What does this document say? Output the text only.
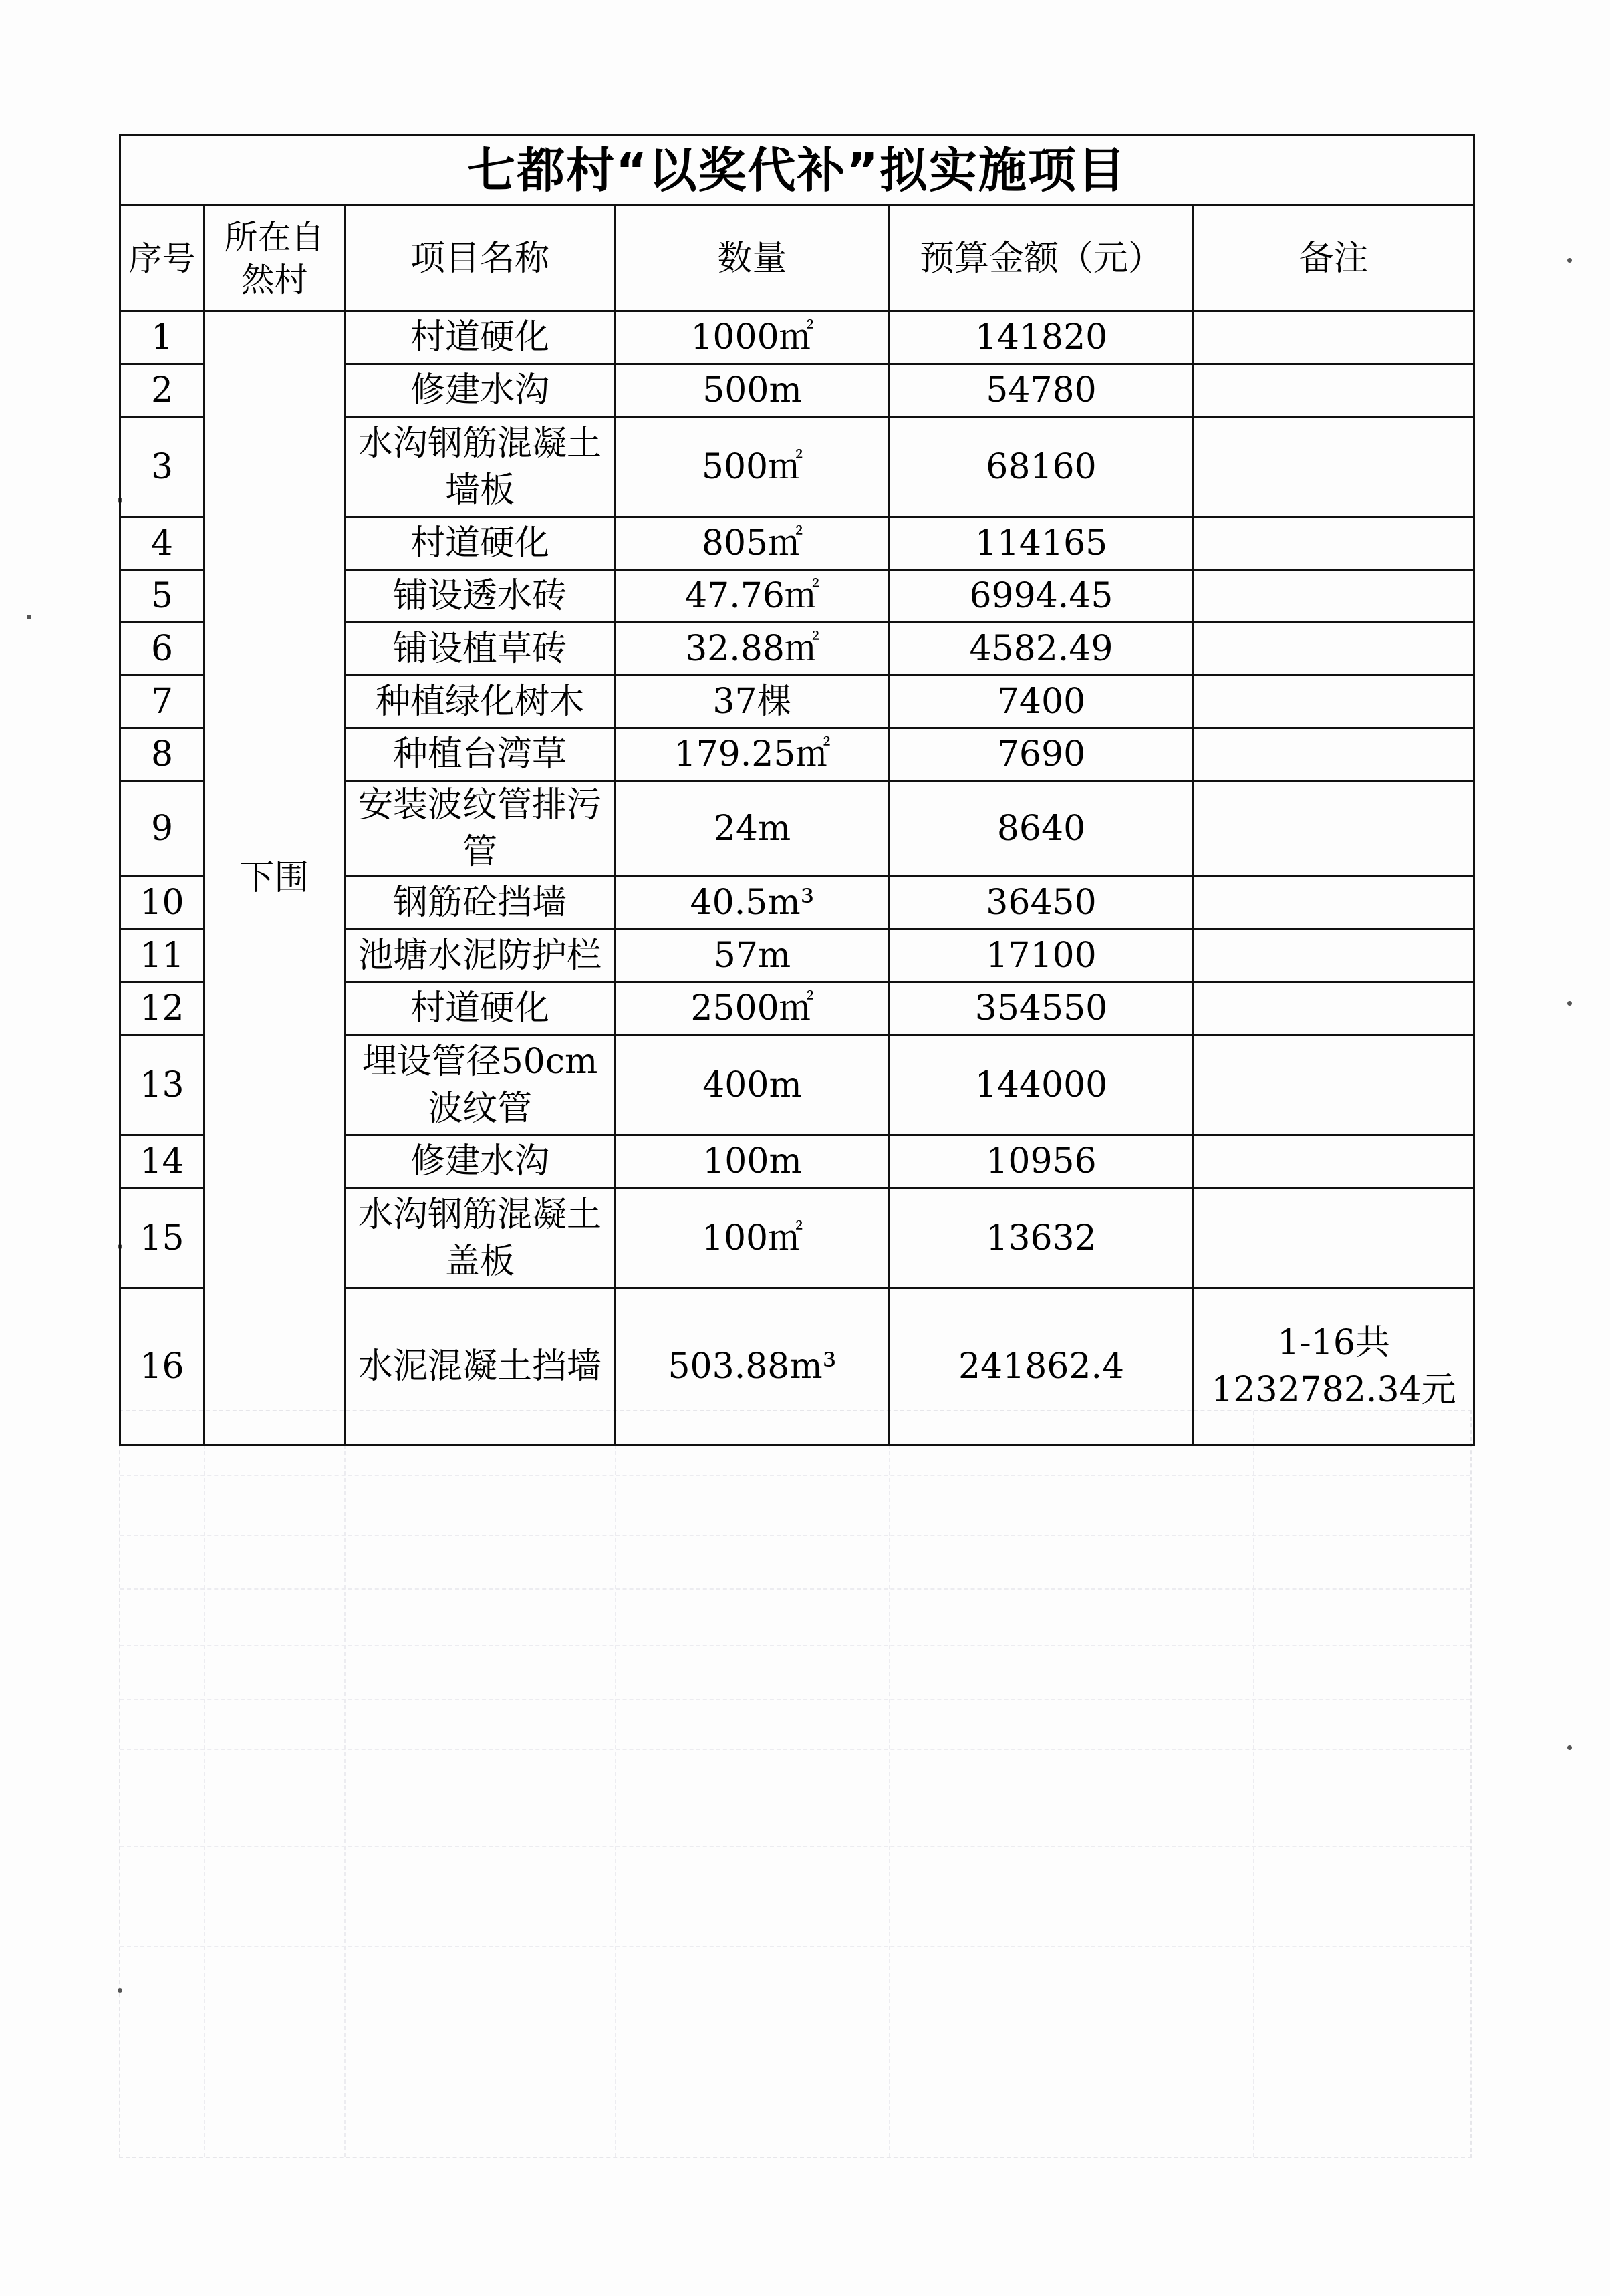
七都村“以奖代补”拟实施项目					
序号	所在自然村	项目名称	数量	预算金额（元）	备注
1	下围	村道硬化	1000㎡	141820	
2		修建水沟	500m	54780	
3		水沟钢筋混凝土墙板	500㎡	68160	
4		村道硬化	805㎡	114165	
5		铺设透水砖	47.76㎡	6994.45	
6		铺设植草砖	32.88㎡	4582.49	
7		种植绿化树木	37棵	7400	
8		种植台湾草	179.25㎡	7690	
9		安装波纹管排污管	24m	8640	
10		钢筋砼挡墙	40.5m³	36450	
11		池塘水泥防护栏	57m	17100	
12		村道硬化	2500㎡	354550	
13		埋设管径50cm波纹管	400m	144000	
14		修建水沟	100m	10956	
15		水沟钢筋混凝土盖板	100㎡	13632	
16		水泥混凝土挡墙	503.88m³	241862.4	1-16共1232782.34元
